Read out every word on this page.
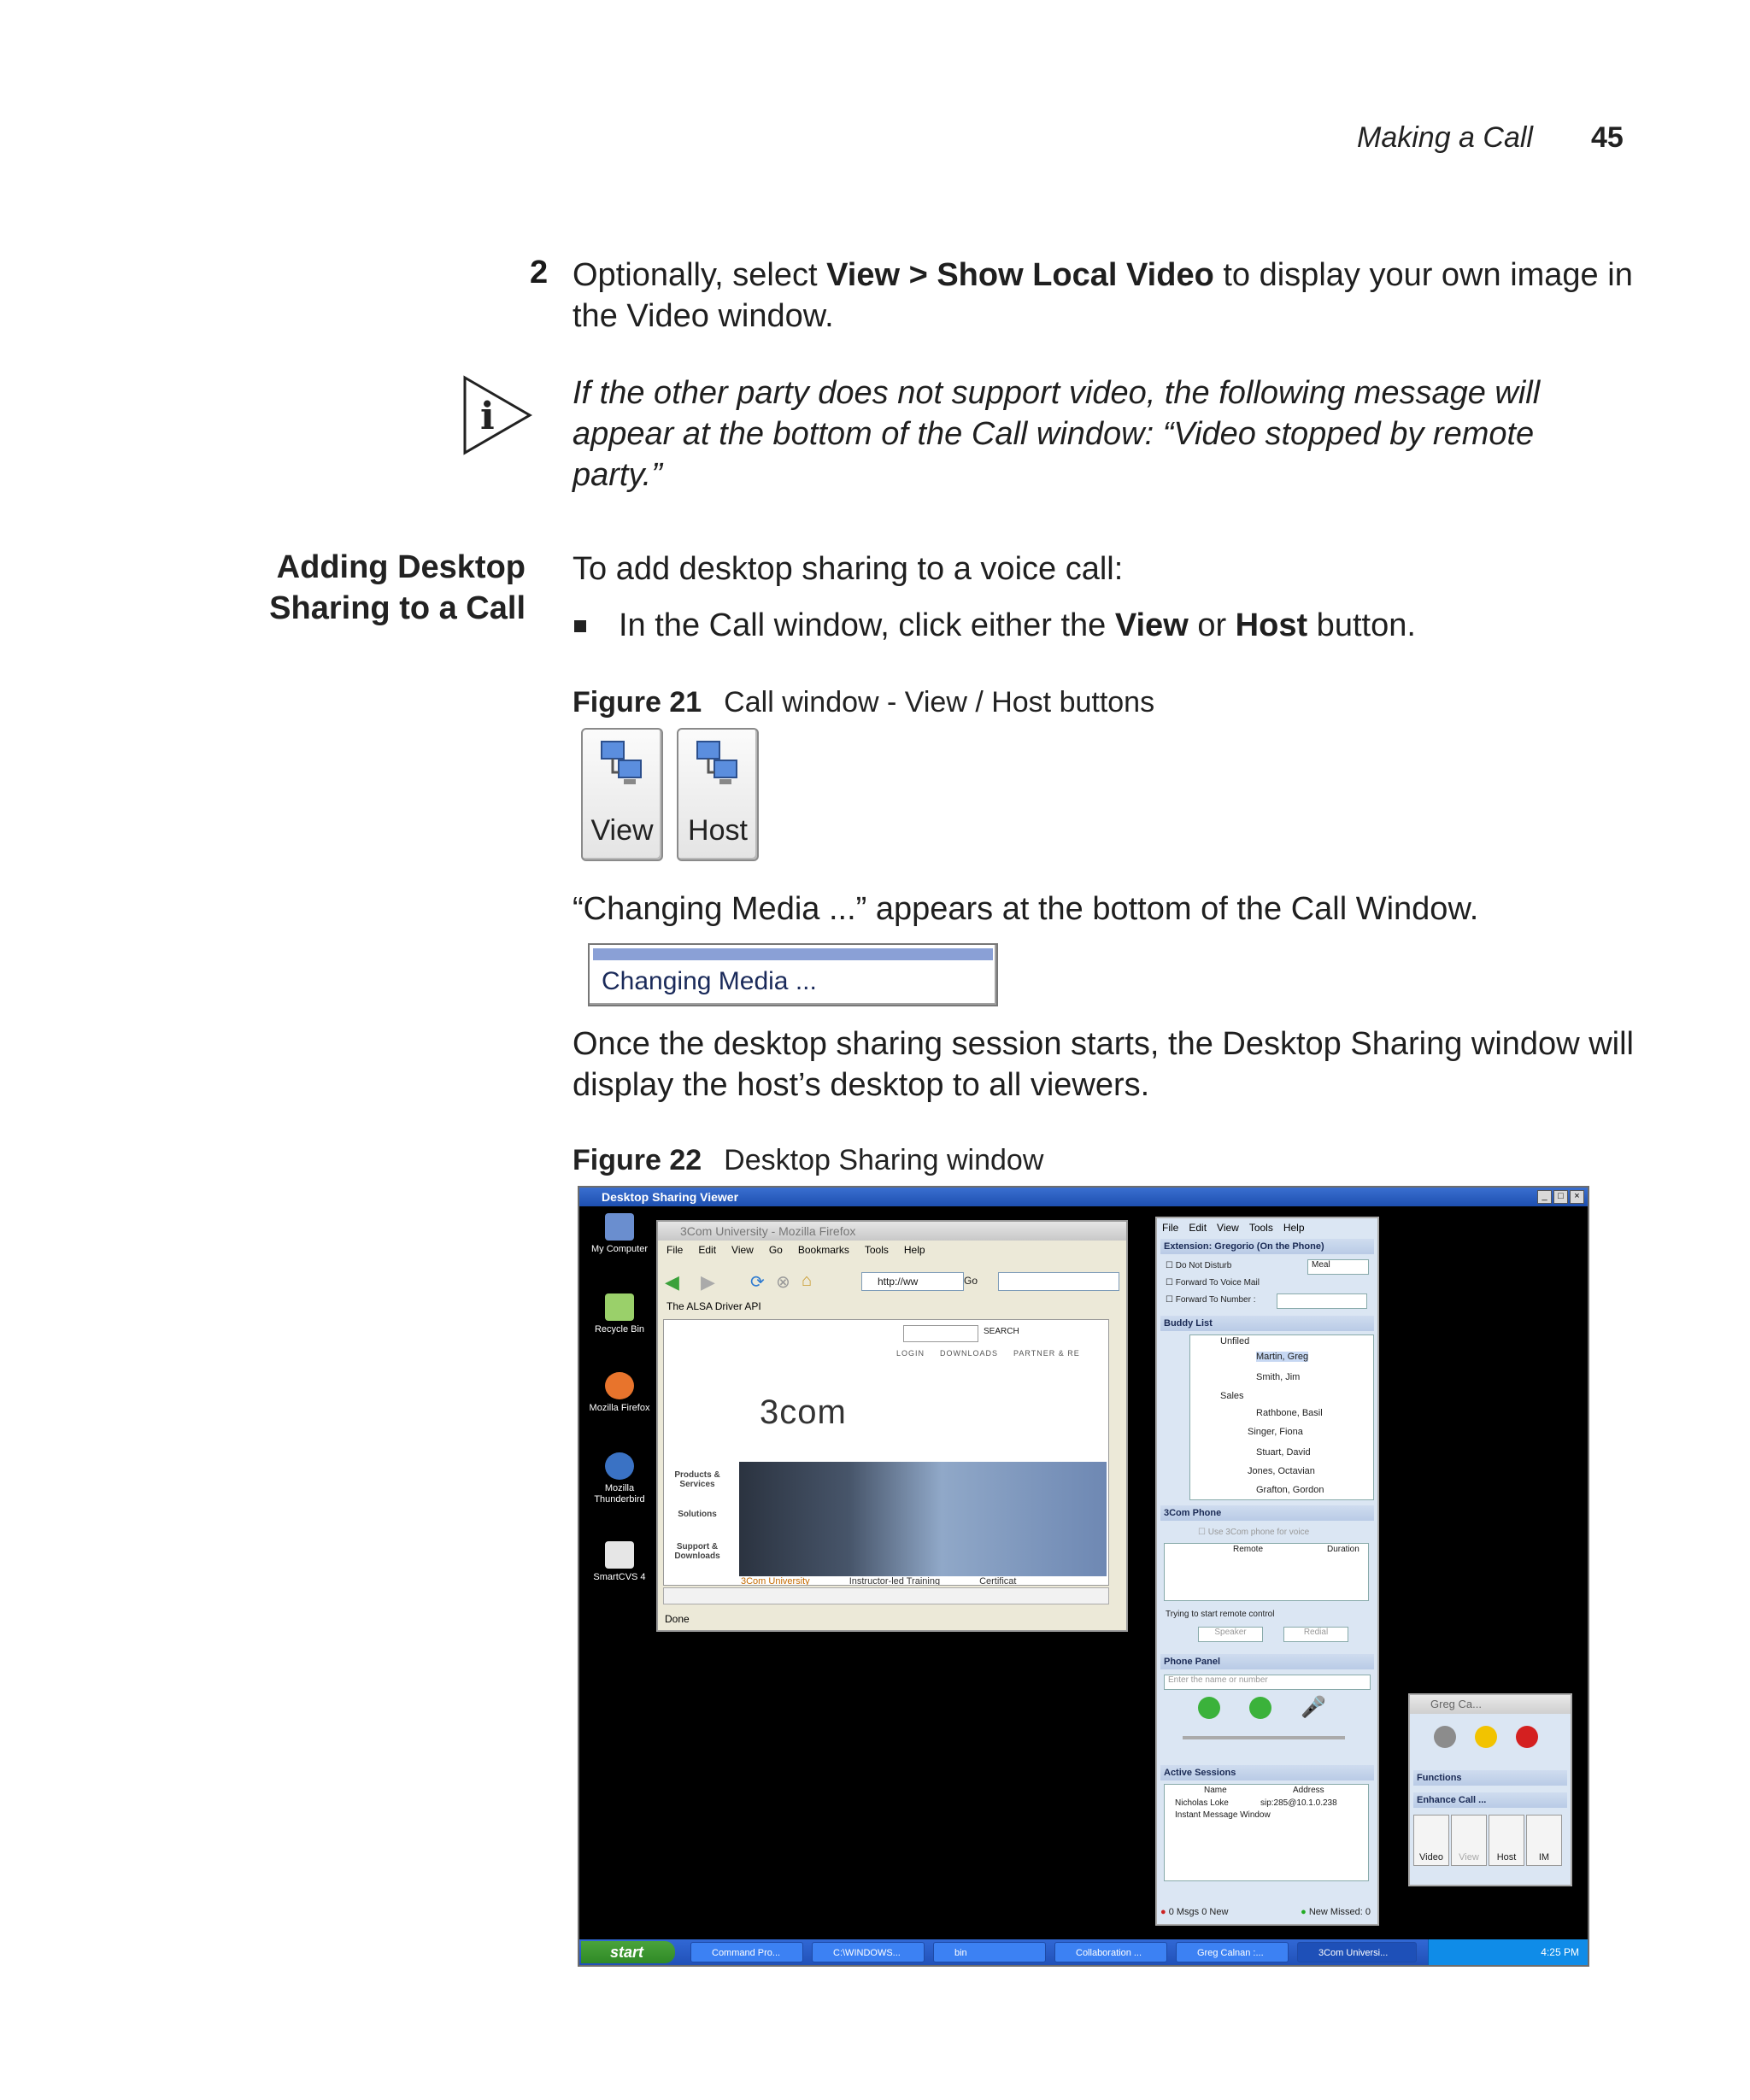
Making a Call 45
2 Optionally, select View > Show Local Video to display your own image in the Video window.
i
If the other party does not support video, the following message will appear at the bottom of the Call window: “Video stopped by remote party.”
Adding Desktop
Sharing to a Call
To add desktop sharing to a voice call:
In the Call window, click either the View or Host button.
Figure 21 Call window - View / Host buttons
View	Host
“Changing Media ...” appears at the bottom of the Call Window.
Changing Media ...
Once the desktop sharing session starts, the Desktop Sharing window will display the host’s desktop to all viewers.
Figure 22 Desktop Sharing window
Desktop Sharing Viewer	_	□	×
My Computer
Recycle Bin
Mozilla Firefox
Mozilla Thunderbird
SmartCVS 4
3Com University - Mozilla Firefox
File Edit View Go Bookmarks Tools Help
◀ ▶ ⟳ ⊗ ⌂	http://ww	Go
The ALSA Driver API
SEARCH
LOGIN DOWNLOADS PARTNER & RE
3com
Products & Services
Solutions
Support & Downloads
3Com University	Instructor-led Training	Certificat
Done
File Edit View Tools Help
Extension: Gregorio (On the Phone)
☐ Do Not Disturb
☐ Forward To Voice Mail
☐ Forward To Number :
Meal
Buddy List
Unfiled
Martin, Greg
Smith, Jim
Sales
Rathbone, Basil
Singer, Fiona
Stuart, David
Jones, Octavian
Grafton, Gordon
3Com Phone
☐ Use 3Com phone for voice
Remote	Duration
Trying to start remote control
Speaker	Redial
Phone Panel
Enter the name or number
🎤
Active Sessions
Name	Address
Nicholas Loke	sip:285@10.1.0.238
Instant Message Window
● 0 Msgs 0 New	● New Missed: 0
Greg Ca...
Functions
Enhance Call ...
Video	View	Host	IM
start	Command Pro...	C:\WINDOWS...	bin	Collaboration ...	Greg Calnan :...	3Com Universi...	4:25 PM
